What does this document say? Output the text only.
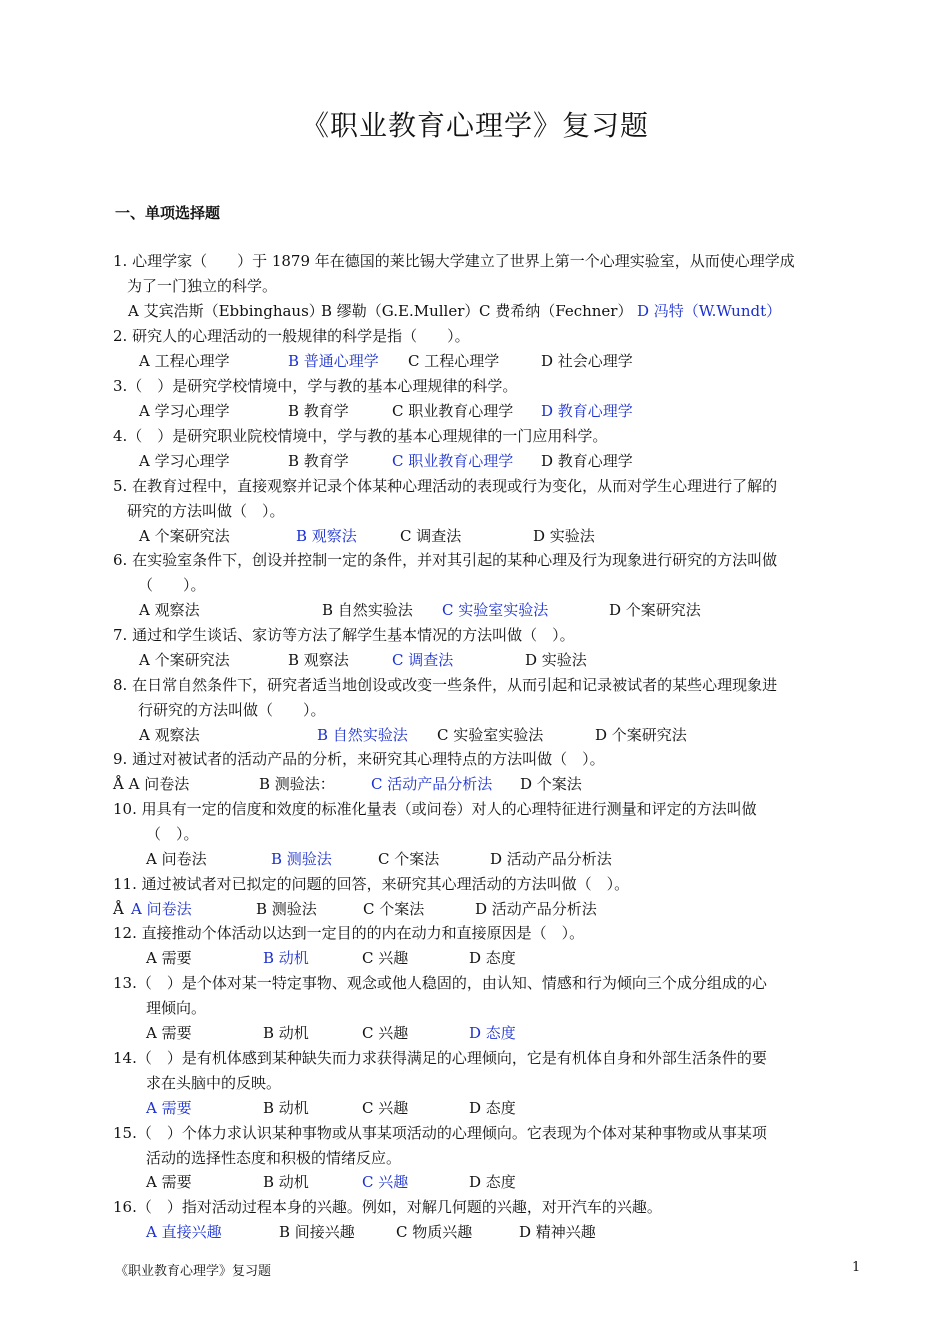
《职业教育心理学》复习题
一、单项选择题
1. 心理学家（　　）于 1879 年在德国的莱比锡大学建立了世界上第一个心理实验室，从而使心理学成
为了一门独立的科学。
A 艾宾浩斯（Ebbinghaus）
B 缪勒（G.E.Muller） C 费希纳（Fechner） D 冯特（W.Wundt）
2. 研究人的心理活动的一般规律的科学是指（　　）。
A 工程心理学	B 普通心理学 C 工程心理学	D 社会心理学
3.（　）是研究学校情境中，学与教的基本心理规律的科学。
A 学习心理学	B 教育学	C 职业教育心理学 D 教育心理学
4.（　）是研究职业院校情境中，学与教的基本心理规律的一门应用科学。
A 学习心理学	B 教育学	C 职业教育心理学 D 教育心理学
5. 在教育过程中，直接观察并记录个体某种心理活动的表现或行为变化，从而对学生心理进行了解的
研究的方法叫做（　）。
A 个案研究法	B 观察法	C 调查法	D 实验法
6. 在实验室条件下，创设并控制一定的条件，并对其引起的某种心理及行为现象进行研究的方法叫做
（　　）。
A 观察法	B 自然实验法 C 实验室实验法	D 个案研究法
7. 通过和学生谈话、家访等方法了解学生基本情况的方法叫做（　）。
A 个案研究法	B 观察法	C 调查法	D 实验法
8. 在日常自然条件下，研究者适当地创设或改变一些条件，从而引起和记录被试者的某些心理现象进
行研究的方法叫做（　　）。
A 观察法	B 自然实验法 C 实验室实验法	D 个案研究法
9. 通过对被试者的活动产品的分析，来研究其心理特点的方法叫做（　）。
Å A 问卷法	B 测验法： C 活动产品分析法 D 个案法
10. 用具有一定的信度和效度的标准化量表（或问卷）对人的心理特征进行测量和评定的方法叫做
（　）。
A 问卷法	B 测验法	C 个案法	D 活动产品分析法
11. 通过被试者对已拟定的问题的回答，来研究其心理活动的方法叫做（　）。
Å A 问卷法	B 测验法	C 个案法	D 活动产品分析法
12. 直接推动个体活动以达到一定目的的内在动力和直接原因是（　）。
A 需要	B 动机	C 兴趣	D 态度
13.（　）是个体对某一特定事物、观念或他人稳固的，由认知、情感和行为倾向三个成分组成的心
理倾向。
A 需要	B 动机	C 兴趣	D 态度
14.（　）是有机体感到某种缺失而力求获得满足的心理倾向，它是有机体自身和外部生活条件的要
求在头脑中的反映。
A 需要	B 动机	C 兴趣	D 态度
15.（　）个体力求认识某种事物或从事某项活动的心理倾向。它表现为个体对某种事物或从事某项
活动的选择性态度和积极的情绪反应。
A 需要	B 动机	C 兴趣	D 态度
16.（　）指对活动过程本身的兴趣。例如，对解几何题的兴趣，对开汽车的兴趣。
A 直接兴趣	B 间接兴趣	C 物质兴趣	D 精神兴趣
《职业教育心理学》复习题	1
